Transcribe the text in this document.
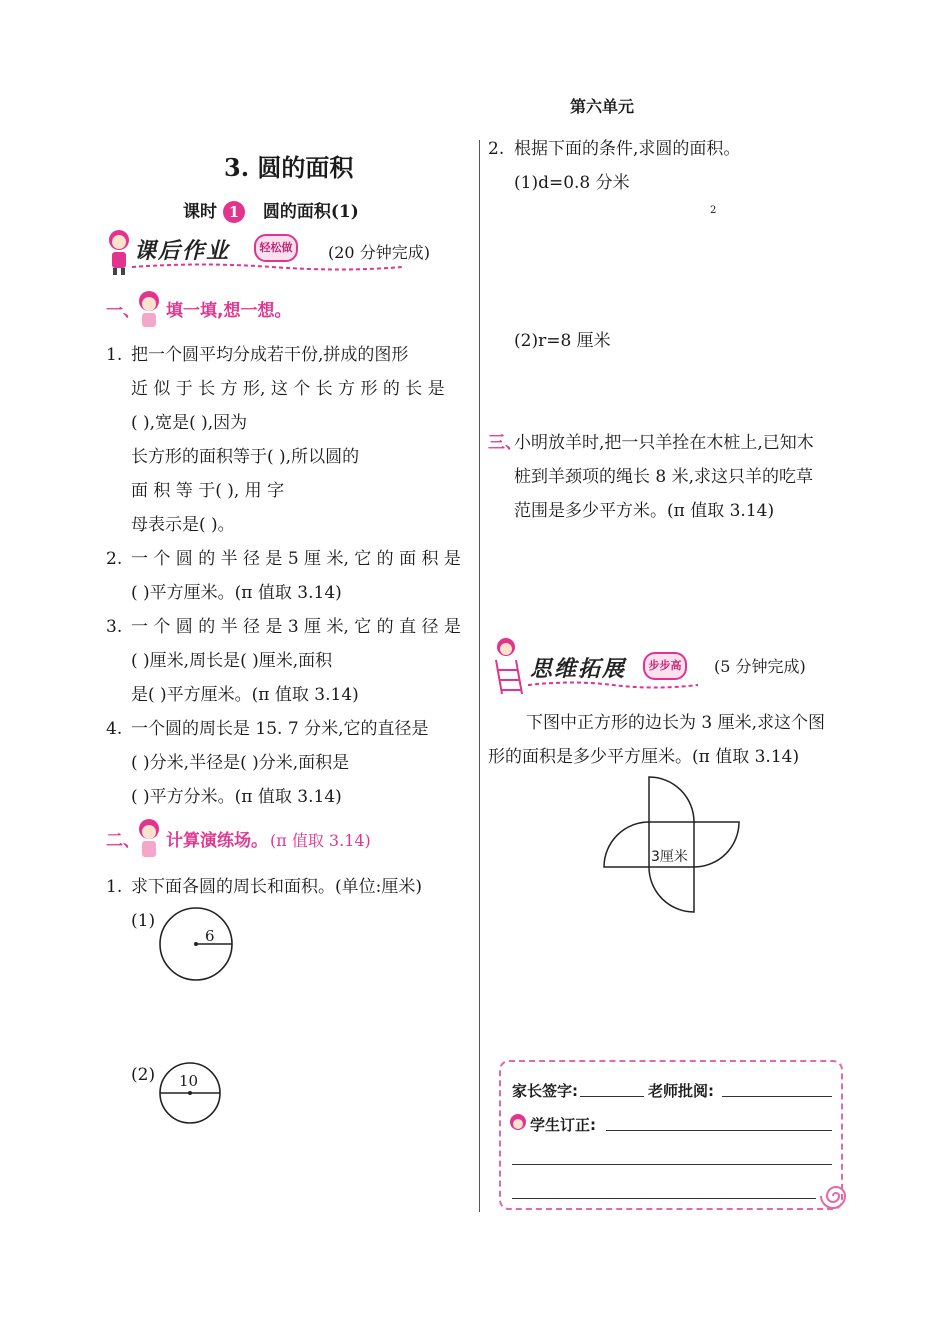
第六单元
3. 圆的面积
课时 1 圆的面积(1)
课后作业	轻松做	(20 分钟完成)
一、 填一填,想一想。
1. 把一个圆平均分成若干份,拼成的图形
近 似 于 长 方 形, 这 个 长 方 形 的 长 是
( ),宽是( ),因为
长方形的面积等于( ),所以圆的
面 积 等 于( ), 用 字
母表示是( )。
2. 一 个 圆 的 半 径 是 5 厘 米, 它 的 面 积 是
( )平方厘米。(π 值取 3.14)
3. 一 个 圆 的 半 径 是 3 厘 米, 它 的 直 径 是
( )厘米,周长是( )厘米,面积
是( )平方厘米。(π 值取 3.14)
4. 一个圆的周长是 15. 7 分米,它的直径是
( )分米,半径是( )分米,面积是
( )平方分米。(π 值取 3.14)
二、 计算演练场。 (π 值取 3.14)
1. 求下面各圆的周长和面积。(单位:厘米)
(1)
6
(2) 10
2. 根据下面的条件,求圆的面积。
(1)d=0.8 分米
2
(2)r=8 厘米
三、
小明放羊时,把一只羊拴在木桩上,已知木
桩到羊颈项的绳长 8 米,求这只羊的吃草
范围是多少平方米。(π 值取 3.14)
思维拓展	步步高	(5 分钟完成)
下图中正方形的边长为 3 厘米,求这个图
形的面积是多少平方厘米。(π 值取 3.14)
3厘米
家长签字:	老师批阅:
学生订正:
